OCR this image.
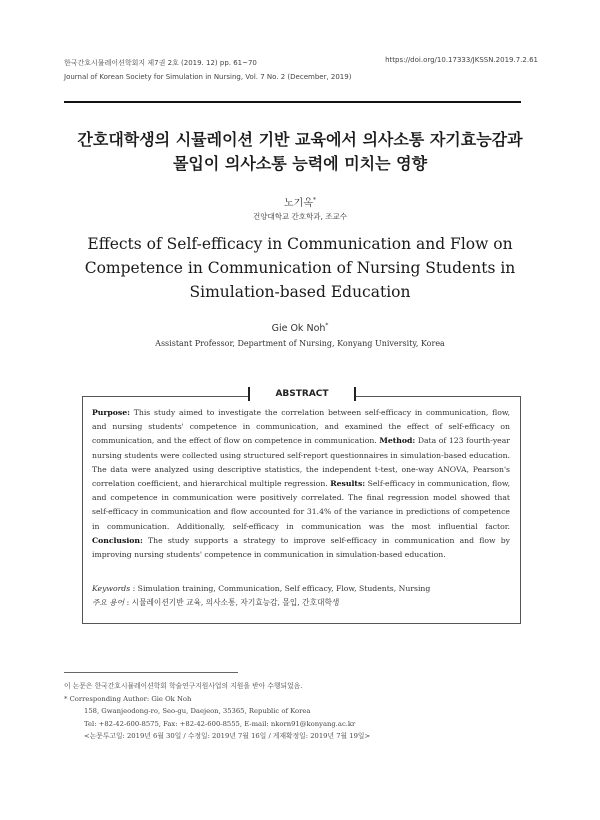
한국간호시뮬레이션학회지 제7권 2호 (2019. 12) pp. 61~70
Journal of Korean Society for Simulation in Nursing, Vol. 7 No. 2 (December, 2019)
https://doi.org/10.17333/JKSSN.2019.7.2.61
간호대학생의 시뮬레이션 기반 교육에서 의사소통 자기효능감과
몰입이 의사소통 능력에 미치는 영향
노기옥*
건양대학교 간호학과, 조교수
Effects of Self-efficacy in Communication and Flow on
Competence in Communication of Nursing Students in
Simulation-based Education
Gie Ok Noh*
Assistant Professor, Department of Nursing, Konyang University, Korea
ABSTRACT
Purpose: This study aimed to investigate the correlation between self-efficacy in communication, flow, and nursing students' competence in communication, and examined the effect of self-efficacy on communication, and the effect of flow on competence in communication. Method: Data of 123 fourth-year nursing students were collected using structured self-report questionnaires in simulation-based education. The data were analyzed using descriptive statistics, the independent t-test, one-way ANOVA, Pearson's correlation coefficient, and hierarchical multiple regression. Results: Self-efficacy in communication, flow, and competence in communication were positively correlated. The final regression model showed that self-efficacy in communication and flow accounted for 31.4% of the variance in predictions of competence in communication. Additionally, self-efficacy in communication was the most influential factor. Conclusion: The study supports a strategy to improve self-efficacy in communication and flow by improving nursing students' competence in communication in simulation-based education.
Keywords : Simulation training, Communication, Self efficacy, Flow, Students, Nursing
주요 용어 : 시뮬레이션기반 교육, 의사소통, 자기효능감, 몰입, 간호대학생
이 논문은 한국간호시뮬레이션학회 학술연구지원사업의 지원을 받아 수행되었음.
* Corresponding Author: Gie Ok Noh
158, Gwanjeodong-ro, Seo-gu, Daejeon, 35365, Republic of Korea
Tel: +82-42-600-8575, Fax: +82-42-600-8555, E-mail: nkorn91@konyang.ac.kr
<논문투고일: 2019년 6월 30일 / 수정일: 2019년 7월 16일 / 게재확정일: 2019년 7월 19일>
